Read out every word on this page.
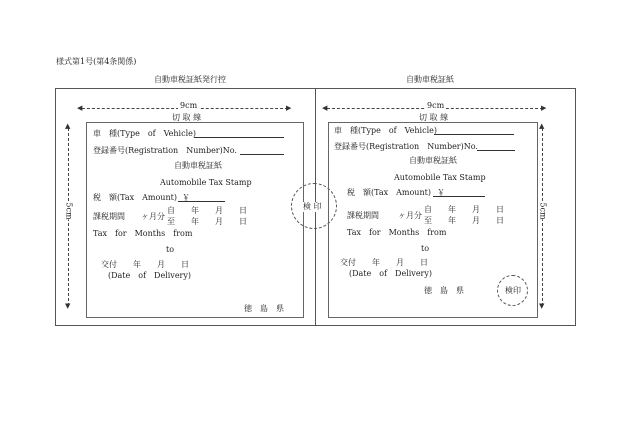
様式第1号(第4条関係)
自動車税証紙発行控	自動車税証紙
◀	▶
9cm
切 取 線
▲
▼
5cm
車　種(Type　of　Vehicle)
登録番号(Registration　Number)No.
自動車税証紙
Automobile Tax Stamp
税　額(Tax　Amount) ￥
課税期間 ヶ月分
自　　年　　月　　日
至　　年　　月　　日
Tax　for　Months　from
to
交付　　年　　月　　日
(Date　of　Delivery)
徳　島　県
検 印
◀	▶
9cm
切 取 線
▲
▼
5cm
車　種(Type　of　Vehicle)
登録番号(Registration　Number)No.
自動車税証紙
Automobile Tax Stamp
税　額(Tax　Amount) ￥
課税期間 ヶ月分
自　　年　　月　　日
至　　年　　月　　日
Tax　for　Months　from
to
交付　　年　　月　　日
(Date　of　Delivery)
徳　島　県	検印
